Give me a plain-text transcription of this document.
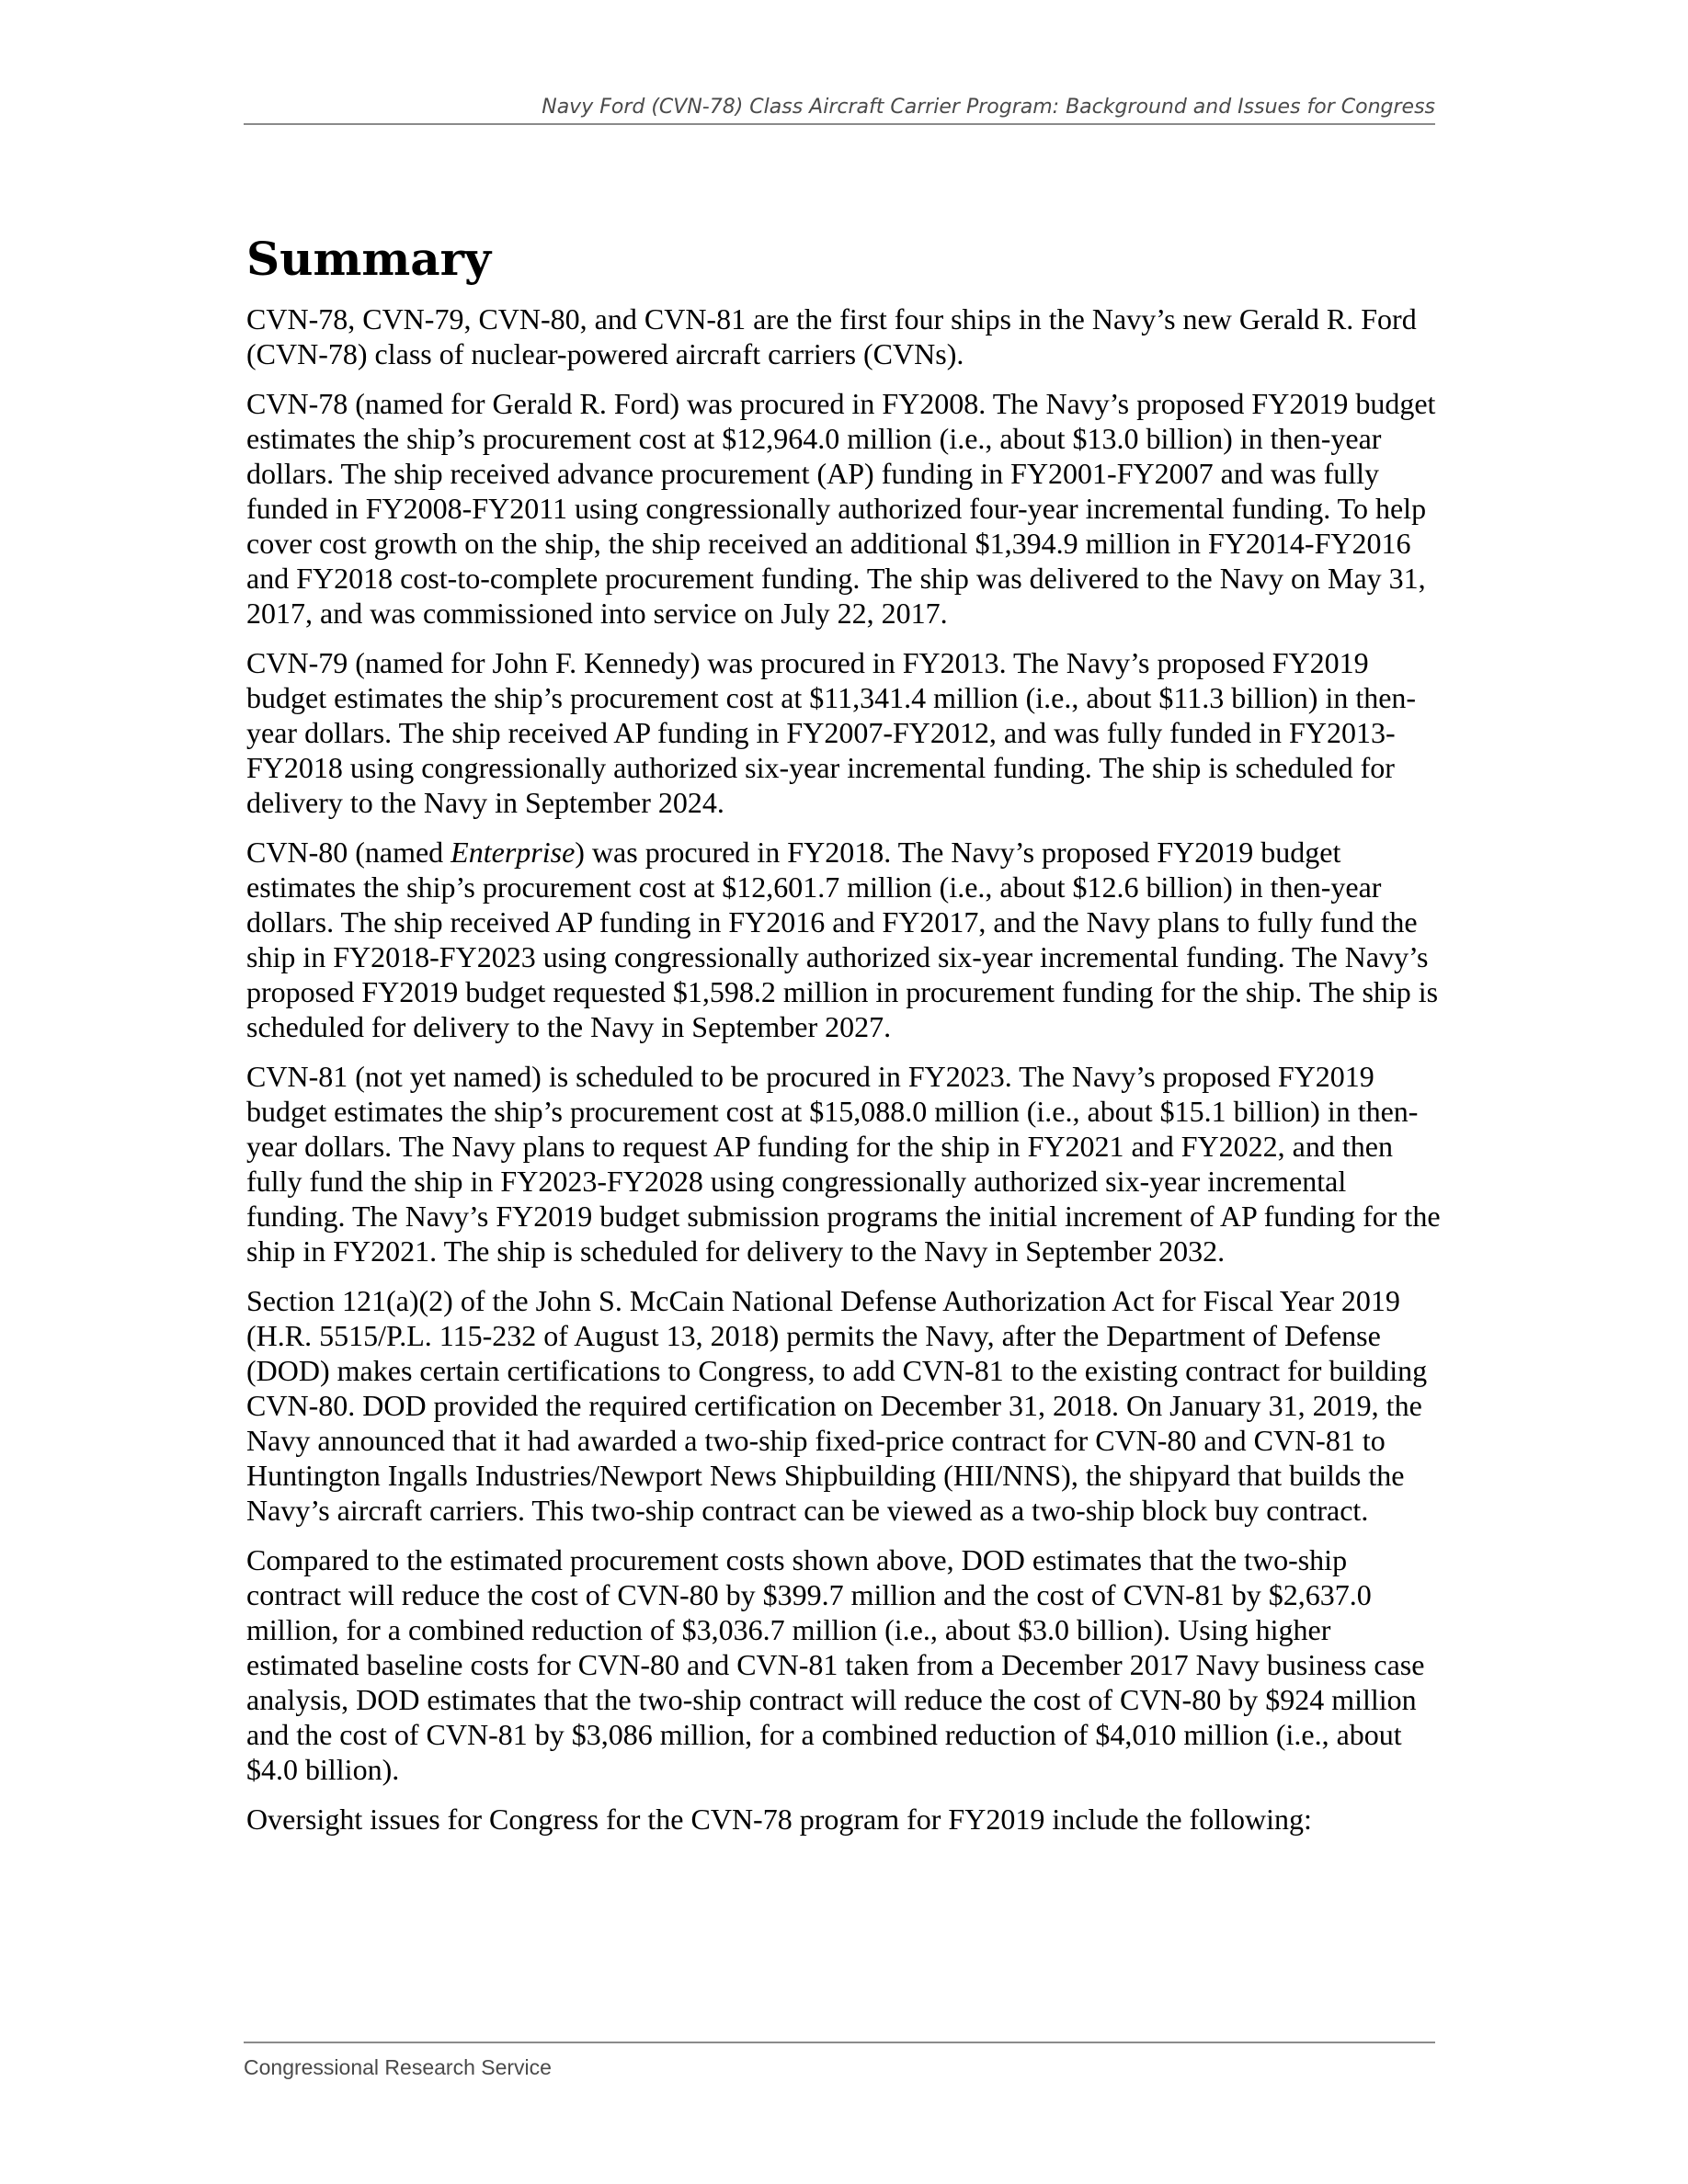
Navy Ford (CVN-78) Class Aircraft Carrier Program: Background and Issues for Congress
Summary

CVN-78, CVN-79, CVN-80, and CVN-81 are the first four ships in the Navy’s new Gerald R. Ford (CVN-78) class of nuclear-powered aircraft carriers (CVNs).

CVN-78 (named for Gerald R. Ford) was procured in FY2008. The Navy’s proposed FY2019 budget estimates the ship’s procurement cost at $12,964.0 million (i.e., about $13.0 billion) in then-year dollars. The ship received advance procurement (AP) funding in FY2001-FY2007 and was fully funded in FY2008-FY2011 using congressionally authorized four-year incremental funding. To help cover cost growth on the ship, the ship received an additional $1,394.9 million in FY2014-FY2016 and FY2018 cost-to-complete procurement funding. The ship was delivered to the Navy on May 31, 2017, and was commissioned into service on July 22, 2017.

CVN-79 (named for John F. Kennedy) was procured in FY2013. The Navy’s proposed FY2019 budget estimates the ship’s procurement cost at $11,341.4 million (i.e., about $11.3 billion) in then-year dollars. The ship received AP funding in FY2007-FY2012, and was fully funded in FY2013-FY2018 using congressionally authorized six-year incremental funding. The ship is scheduled for delivery to the Navy in September 2024.

CVN-80 (named Enterprise) was procured in FY2018. The Navy’s proposed FY2019 budget estimates the ship’s procurement cost at $12,601.7 million (i.e., about $12.6 billion) in then-year dollars. The ship received AP funding in FY2016 and FY2017, and the Navy plans to fully fund the ship in FY2018-FY2023 using congressionally authorized six-year incremental funding. The Navy’s proposed FY2019 budget requested $1,598.2 million in procurement funding for the ship. The ship is scheduled for delivery to the Navy in September 2027.

CVN-81 (not yet named) is scheduled to be procured in FY2023. The Navy’s proposed FY2019 budget estimates the ship’s procurement cost at $15,088.0 million (i.e., about $15.1 billion) in then-year dollars. The Navy plans to request AP funding for the ship in FY2021 and FY2022, and then fully fund the ship in FY2023-FY2028 using congressionally authorized six-year incremental funding. The Navy’s FY2019 budget submission programs the initial increment of AP funding for the ship in FY2021. The ship is scheduled for delivery to the Navy in September 2032.

Section 121(a)(2) of the John S. McCain National Defense Authorization Act for Fiscal Year 2019 (H.R. 5515/P.L. 115-232 of August 13, 2018) permits the Navy, after the Department of Defense (DOD) makes certain certifications to Congress, to add CVN-81 to the existing contract for building CVN-80. DOD provided the required certification on December 31, 2018. On January 31, 2019, the Navy announced that it had awarded a two-ship fixed-price contract for CVN-80 and CVN-81 to Huntington Ingalls Industries/Newport News Shipbuilding (HII/NNS), the shipyard that builds the Navy’s aircraft carriers. This two-ship contract can be viewed as a two-ship block buy contract.

Compared to the estimated procurement costs shown above, DOD estimates that the two-ship contract will reduce the cost of CVN-80 by $399.7 million and the cost of CVN-81 by $2,637.0 million, for a combined reduction of $3,036.7 million (i.e., about $3.0 billion). Using higher estimated baseline costs for CVN-80 and CVN-81 taken from a December 2017 Navy business case analysis, DOD estimates that the two-ship contract will reduce the cost of CVN-80 by $924 million and the cost of CVN-81 by $3,086 million, for a combined reduction of $4,010 million (i.e., about $4.0 billion).

Oversight issues for Congress for the CVN-78 program for FY2019 include the following:

Congressional Research Service
